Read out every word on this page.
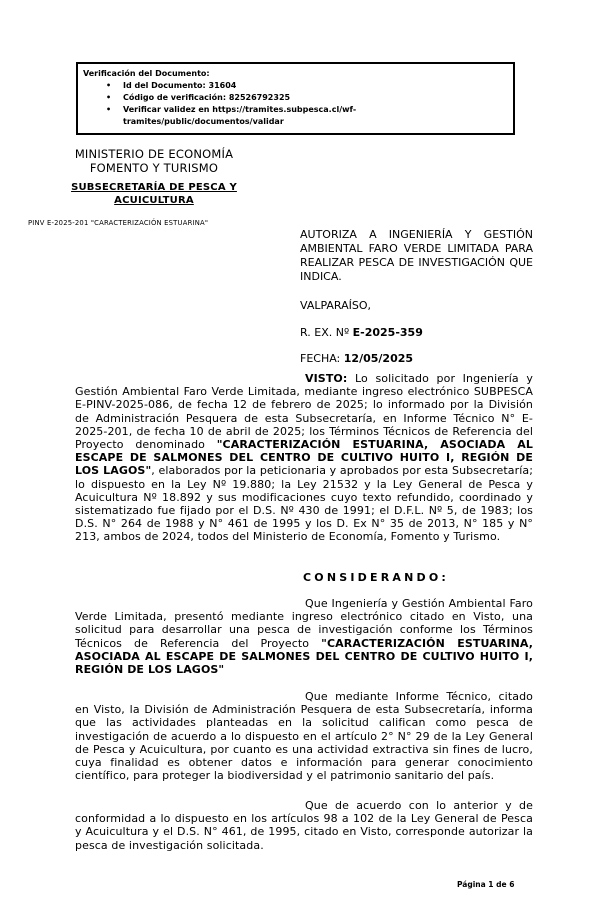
Verificación del Documento:
• Id del Documento: 31604
• Código de verificación: 82526792325
• Verificar validez en https://tramites.subpesca.cl/wf-tramites/public/documentos/validar
MINISTERIO DE ECONOMÍA
FOMENTO Y TURISMO
SUBSECRETARÍA DE PESCA Y ACUICULTURA
PINV E-2025-201 "CARACTERIZACIÓN ESTUARINA"
AUTORIZA A INGENIERÍA Y GESTIÓN AMBIENTAL FARO VERDE LIMITADA PARA REALIZAR PESCA DE INVESTIGACIÓN QUE INDICA.
VALPARAÍSO,
R. EX. Nº E-2025-359
FECHA: 12/05/2025
VISTO: Lo solicitado por Ingeniería y Gestión Ambiental Faro Verde Limitada, mediante ingreso electrónico SUBPESCA E-PINV-2025-086, de fecha 12 de febrero de 2025; lo informado por la División de Administración Pesquera de esta Subsecretaría, en Informe Técnico N° E-2025-201, de fecha 10 de abril de 2025; los Términos Técnicos de Referencia del Proyecto denominado "CARACTERIZACIÓN ESTUARINA, ASOCIADA AL ESCAPE DE SALMONES DEL CENTRO DE CULTIVO HUITO I, REGIÓN DE LOS LAGOS", elaborados por la peticionaria y aprobados por esta Subsecretaría; lo dispuesto en la Ley Nº 19.880; la Ley 21532 y la Ley General de Pesca y Acuicultura Nº 18.892 y sus modificaciones cuyo texto refundido, coordinado y sistematizado fue fijado por el D.S. Nº 430 de 1991; el D.F.L. Nº 5, de 1983; los D.S. N° 264 de 1988 y N° 461 de 1995 y los D. Ex N° 35 de 2013, N° 185 y N° 213, ambos de 2024, todos del Ministerio de Economía, Fomento y Turismo.
CONSIDERANDO:
Que Ingeniería y Gestión Ambiental Faro Verde Limitada, presentó mediante ingreso electrónico citado en Visto, una solicitud para desarrollar una pesca de investigación conforme los Términos Técnicos de Referencia del Proyecto "CARACTERIZACIÓN ESTUARINA, ASOCIADA AL ESCAPE DE SALMONES DEL CENTRO DE CULTIVO HUITO I, REGIÓN DE LOS LAGOS"
Que mediante Informe Técnico, citado en Visto, la División de Administración Pesquera de esta Subsecretaría, informa que las actividades planteadas en la solicitud califican como pesca de investigación de acuerdo a lo dispuesto en el artículo 2° N° 29 de la Ley General de Pesca y Acuicultura, por cuanto es una actividad extractiva sin fines de lucro, cuya finalidad es obtener datos e información para generar conocimiento científico, para proteger la biodiversidad y el patrimonio sanitario del país.
Que de acuerdo con lo anterior y de conformidad a lo dispuesto en los artículos 98 a 102 de la Ley General de Pesca y Acuicultura y el D.S. N° 461, de 1995, citado en Visto, corresponde autorizar la pesca de investigación solicitada.
Página 1 de 6
